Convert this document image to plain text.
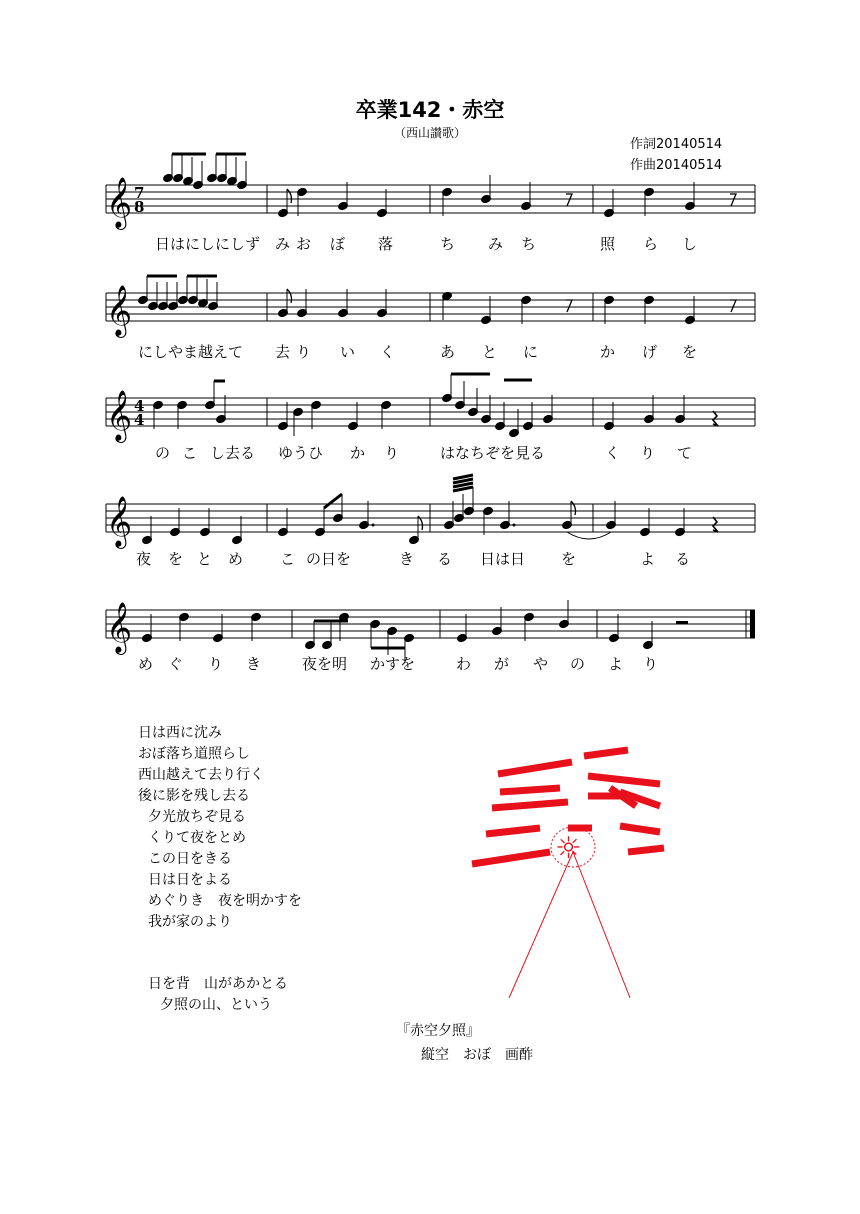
卒業142・赤空
（西山讃歌）
作詞20140514
作曲20140514
𝄞
𝄞
𝄞
𝄞
𝄞
7
8
4
4
日はにしにしず み お ぼ 落	ち み ち	照 ら し
にしやま越えて 去 り い く	あ と に	か げ を
の こ し去る ゆうひ か り	はなちぞを見る	く り て
夜 を と め こ の日を	き る 日は日 を	よ る
め ぐ り き	夜を明 かすを	わ が や の よ り
日は西に沈み
おぼ落ち道照らし
西山越えて去り行く
後に影を残し去る
夕光放ちぞ見る
くりて夜をとめ
この日をきる
日は日をよる
めぐりき　夜を明かすを
我が家のより
日を背　山があかとる
夕照の山、という
☼
『赤空夕照』
縦空　おぼ　画酢
